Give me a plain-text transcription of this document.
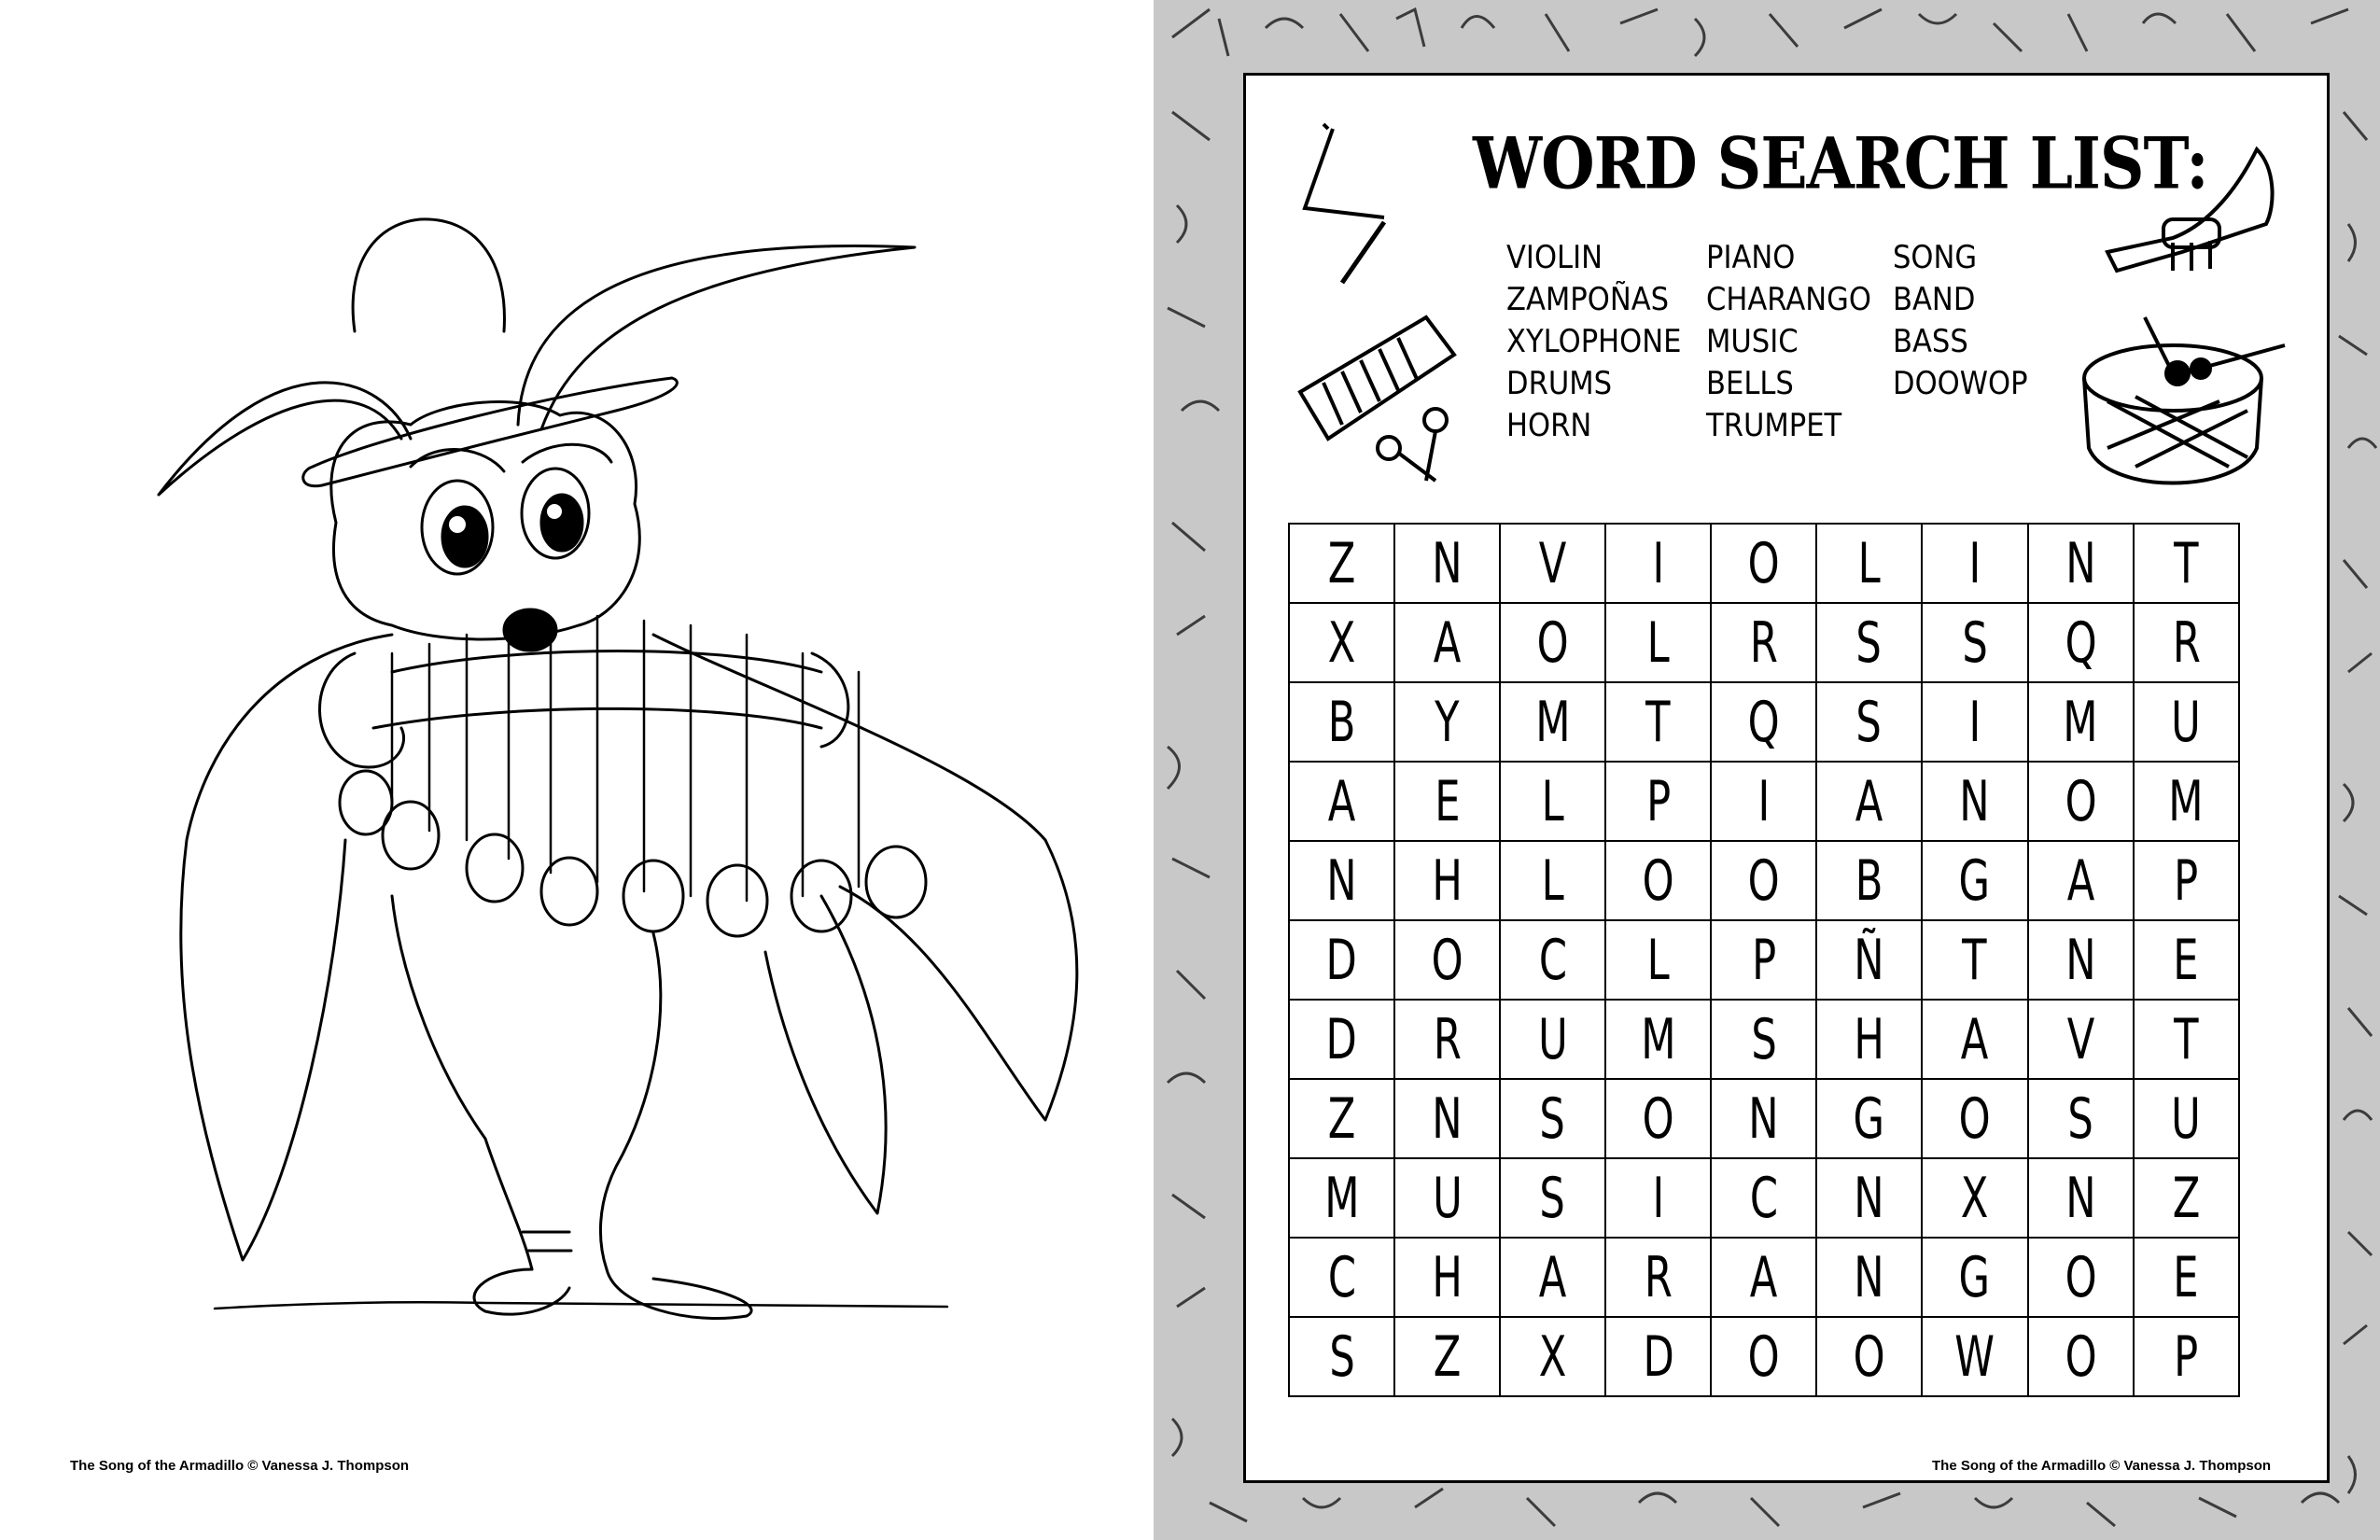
The Song of the Armadillo © Vanessa J. Thompson
WORD SEARCH LIST:
VIOLIN
ZAMPOÑAS
XYLOPHONE
DRUMS
HORN
PIANO
CHARANGO
MUSIC
BELLS
TRUMPET
SONG
BAND
BASS
DOOWOP
Z	N	V	I	O	L	I	N	T
X	A	O	L	R	S	S	Q	R
B	Y	M	T	Q	S	I	M	U
A	E	L	P	I	A	N	O	M
N	H	L	O	O	B	G	A	P
D	O	C	L	P	Ñ	T	N	E
D	R	U	M	S	H	A	V	T
Z	N	S	O	N	G	O	S	U
M	U	S	I	C	N	X	N	Z
C	H	A	R	A	N	G	O	E
S	Z	X	D	O	O	W	O	P
The Song of the Armadillo © Vanessa J. Thompson
